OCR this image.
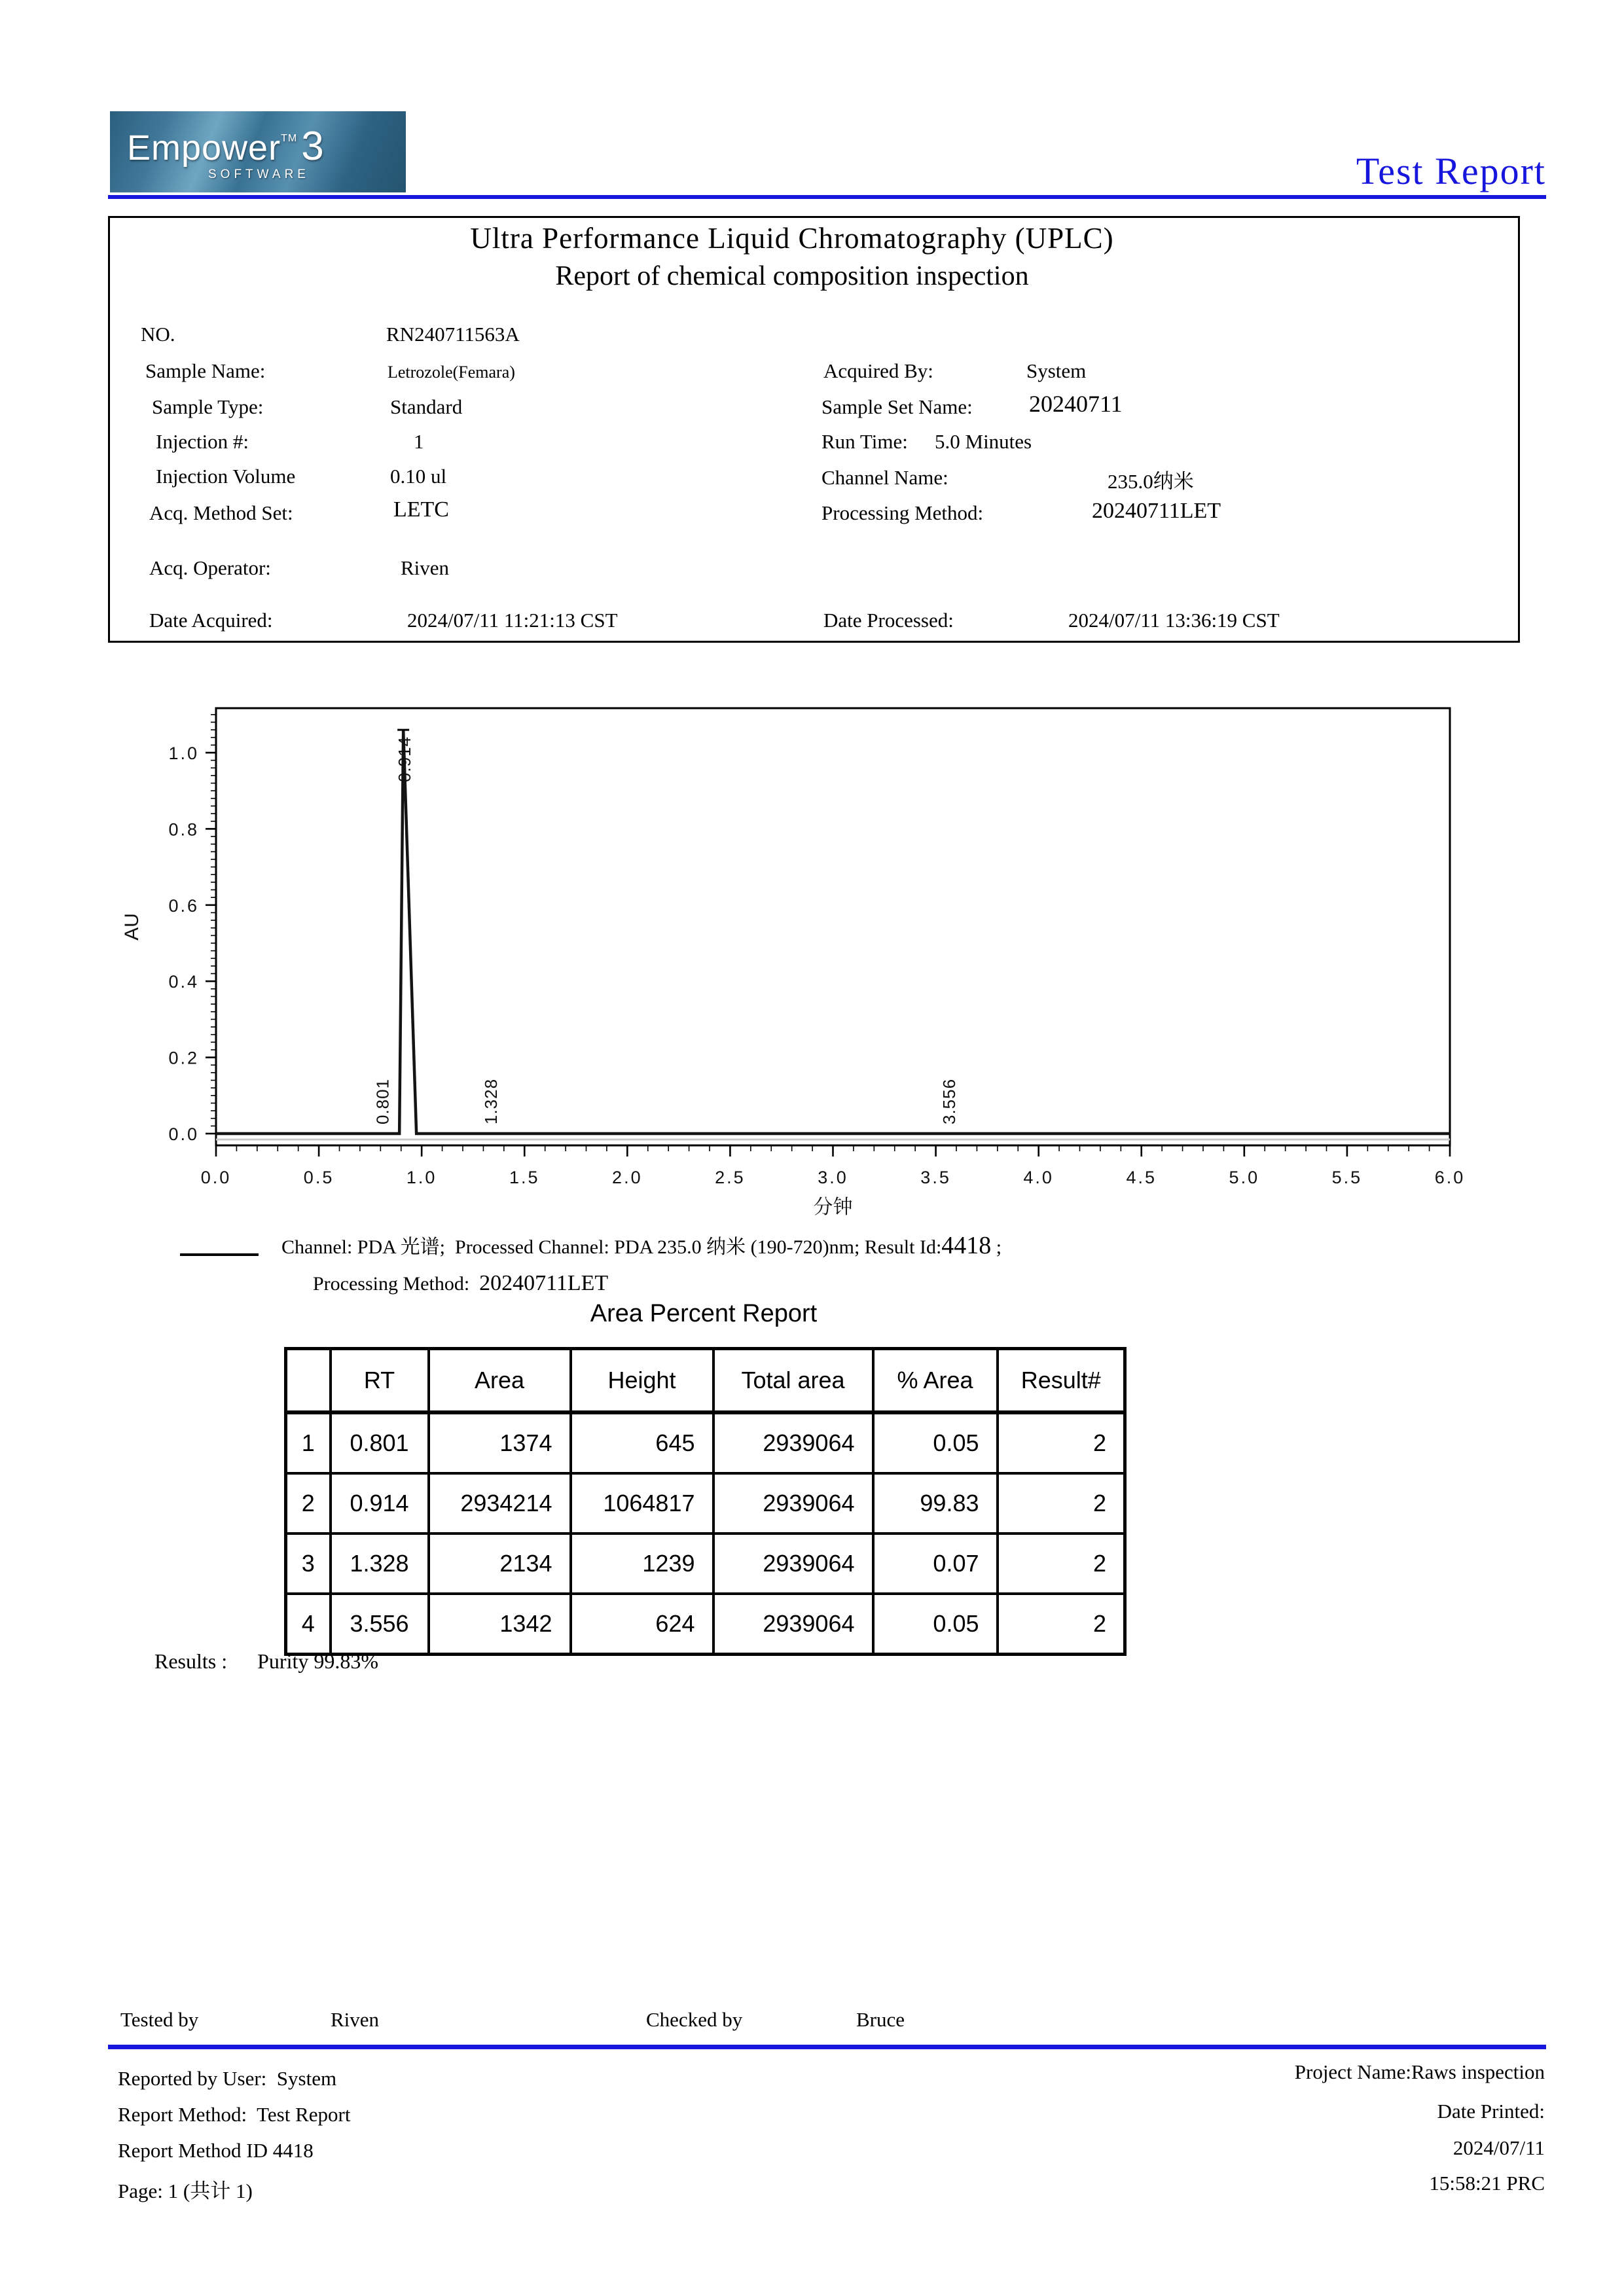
Empower™3
SOFTWARE	Test Report
Ultra Performance Liquid Chromatography (UPLC)
Report of chemical composition inspection
NO.	RN240711563A
Sample Name:	Letrozole(Femara)
Sample Type:	Standard
Injection #:	1
Injection Volume	0.10 ul
Acq. Method Set:	LETC
Acq. Operator:	Riven
Date Acquired:	2024/07/11 11:21:13 CST
Acquired By:	System
Sample Set Name: 20240711
Run Time: 5.0 Minutes
Channel Name:	235.0纳米
Processing Method:	20240711LET
Date Processed:	2024/07/11 13:36:19 CST
0.0
0.2
0.4
0.6
0.8
1.0
0.0	0.5	1.0	1.5	2.0	2.5	3.0	3.5	4.0	4.5	5.0	5.5	6.0
分钟
AU
0.801
0.914
1.328	3.556
Channel: PDA 光谱;  Processed Channel: PDA 235.0 纳米 (190-720)nm; Result Id:4418 ;
Processing Method: 20240711LET
Area Percent Report
	RT	Area	Height	Total area	% Area	Result#
1	0.801	1374	645	2939064	0.05	2
2	0.914	2934214	1064817	2939064	99.83	2
3	1.328	2134	1239	2939064	0.07	2
4	3.556	1342	624	2939064	0.05	2
Results : Purity 99.83%
Tested by	Riven	Checked by	Bruce
Reported by User:  System
Report Method:  Test Report
Report Method ID 4418
Page: 1 (共计 1)
Project Name:Raws inspection
Date Printed:
2024/07/11
15:58:21 PRC
